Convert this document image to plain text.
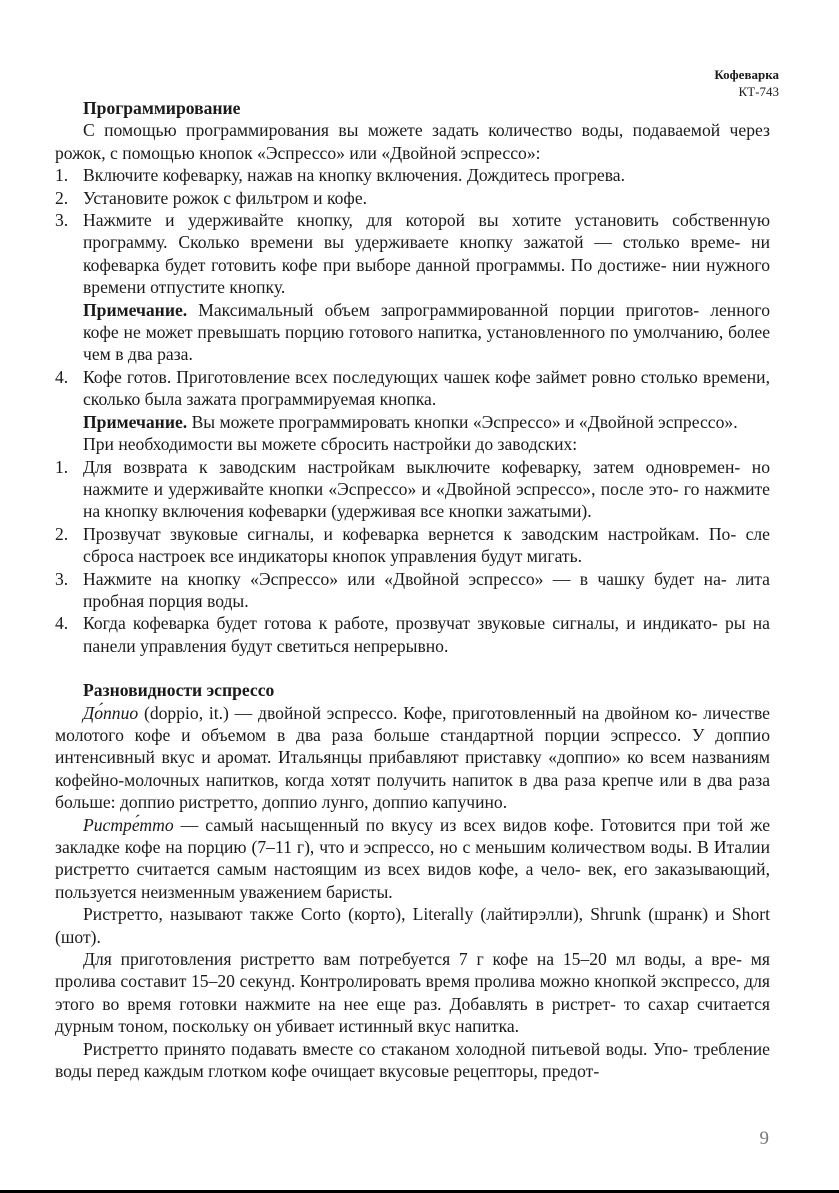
Кофеварка
КТ-743

Программирование

С помощью программирования вы можете задать количество воды, подаваемой через рожок, с помощью кнопок «Эспрессо» или «Двойной эспрессо»:

1. Включите кофеварку, нажав на кнопку включения. Дождитесь прогрева.
2. Установите рожок с фильтром и кофе.
3. Нажмите и удерживайте кнопку, для которой вы хотите установить собственную программу. Сколько времени вы удерживаете кнопку зажатой — столько време- ни кофеварка будет готовить кофе при выборе данной программы. По достиже- нии нужного времени отпустите кнопку.

Примечание. Максимальный объем запрограммированной порции приготов- ленного кофе не может превышать порцию готового напитка, установленного по умолчанию, более чем в два раза.

4. Кофе готов. Приготовление всех последующих чашек кофе займет ровно столько времени, сколько была зажата программируемая кнопка.

Примечание. Вы можете программировать кнопки «Эспрессо» и «Двойной эспрессо».

При необходимости вы можете сбросить настройки до заводских:

1. Для возврата к заводским настройкам выключите кофеварку, затем одновремен- но нажмите и удерживайте кнопки «Эспрессо» и «Двойной эспрессо», после это- го нажмите на кнопку включения кофеварки (удерживая все кнопки зажатыми).
2. Прозвучат звуковые сигналы, и кофеварка вернется к заводским настройкам. По- сле сброса настроек все индикаторы кнопок управления будут мигать.
3. Нажмите на кнопку «Эспрессо» или «Двойной эспрессо» — в чашку будет на- лита пробная порция воды.
4. Когда кофеварка будет готова к работе, прозвучат звуковые сигналы, и индикато- ры на панели управления будут светиться непрерывно.

Разновидности эспрессо

До́ппио (doppio, it.) — двойной эспрессо. Кофе, приготовленный на двойном ко- личестве молотого кофе и объемом в два раза больше стандартной порции эспрессо. У доппио интенсивный вкус и аромат. Итальянцы прибавляют приставку «доппио» ко всем названиям кофейно-молочных напитков, когда хотят получить напиток в два раза крепче или в два раза больше: доппио ристретто, доппио лунго, доппио капучино.

Ристре́тто — самый насыщенный по вкусу из всех видов кофе. Готовится при той же закладке кофе на порцию (7–11 г), что и эспрессо, но с меньшим количеством воды. В Италии ристретто считается самым настоящим из всех видов кофе, а чело- век, его заказывающий, пользуется неизменным уважением баристы.

Ристретто, называют также Corto (корто), Literally (лайтирэлли), Shrunk (шранк) и Short (шот).

Для приготовления ристретто вам потребуется 7 г кофе на 15–20 мл воды, а вре- мя пролива составит 15–20 секунд. Контролировать время пролива можно кнопкой экспрессо, для этого во время готовки нажмите на нее еще раз. Добавлять в ристрет- то сахар считается дурным тоном, поскольку он убивает истинный вкус напитка.

Ристретто принято подавать вместе со стаканом холодной питьевой воды. Упо- требление воды перед каждым глотком кофе очищает вкусовые рецепторы, предот-

9
